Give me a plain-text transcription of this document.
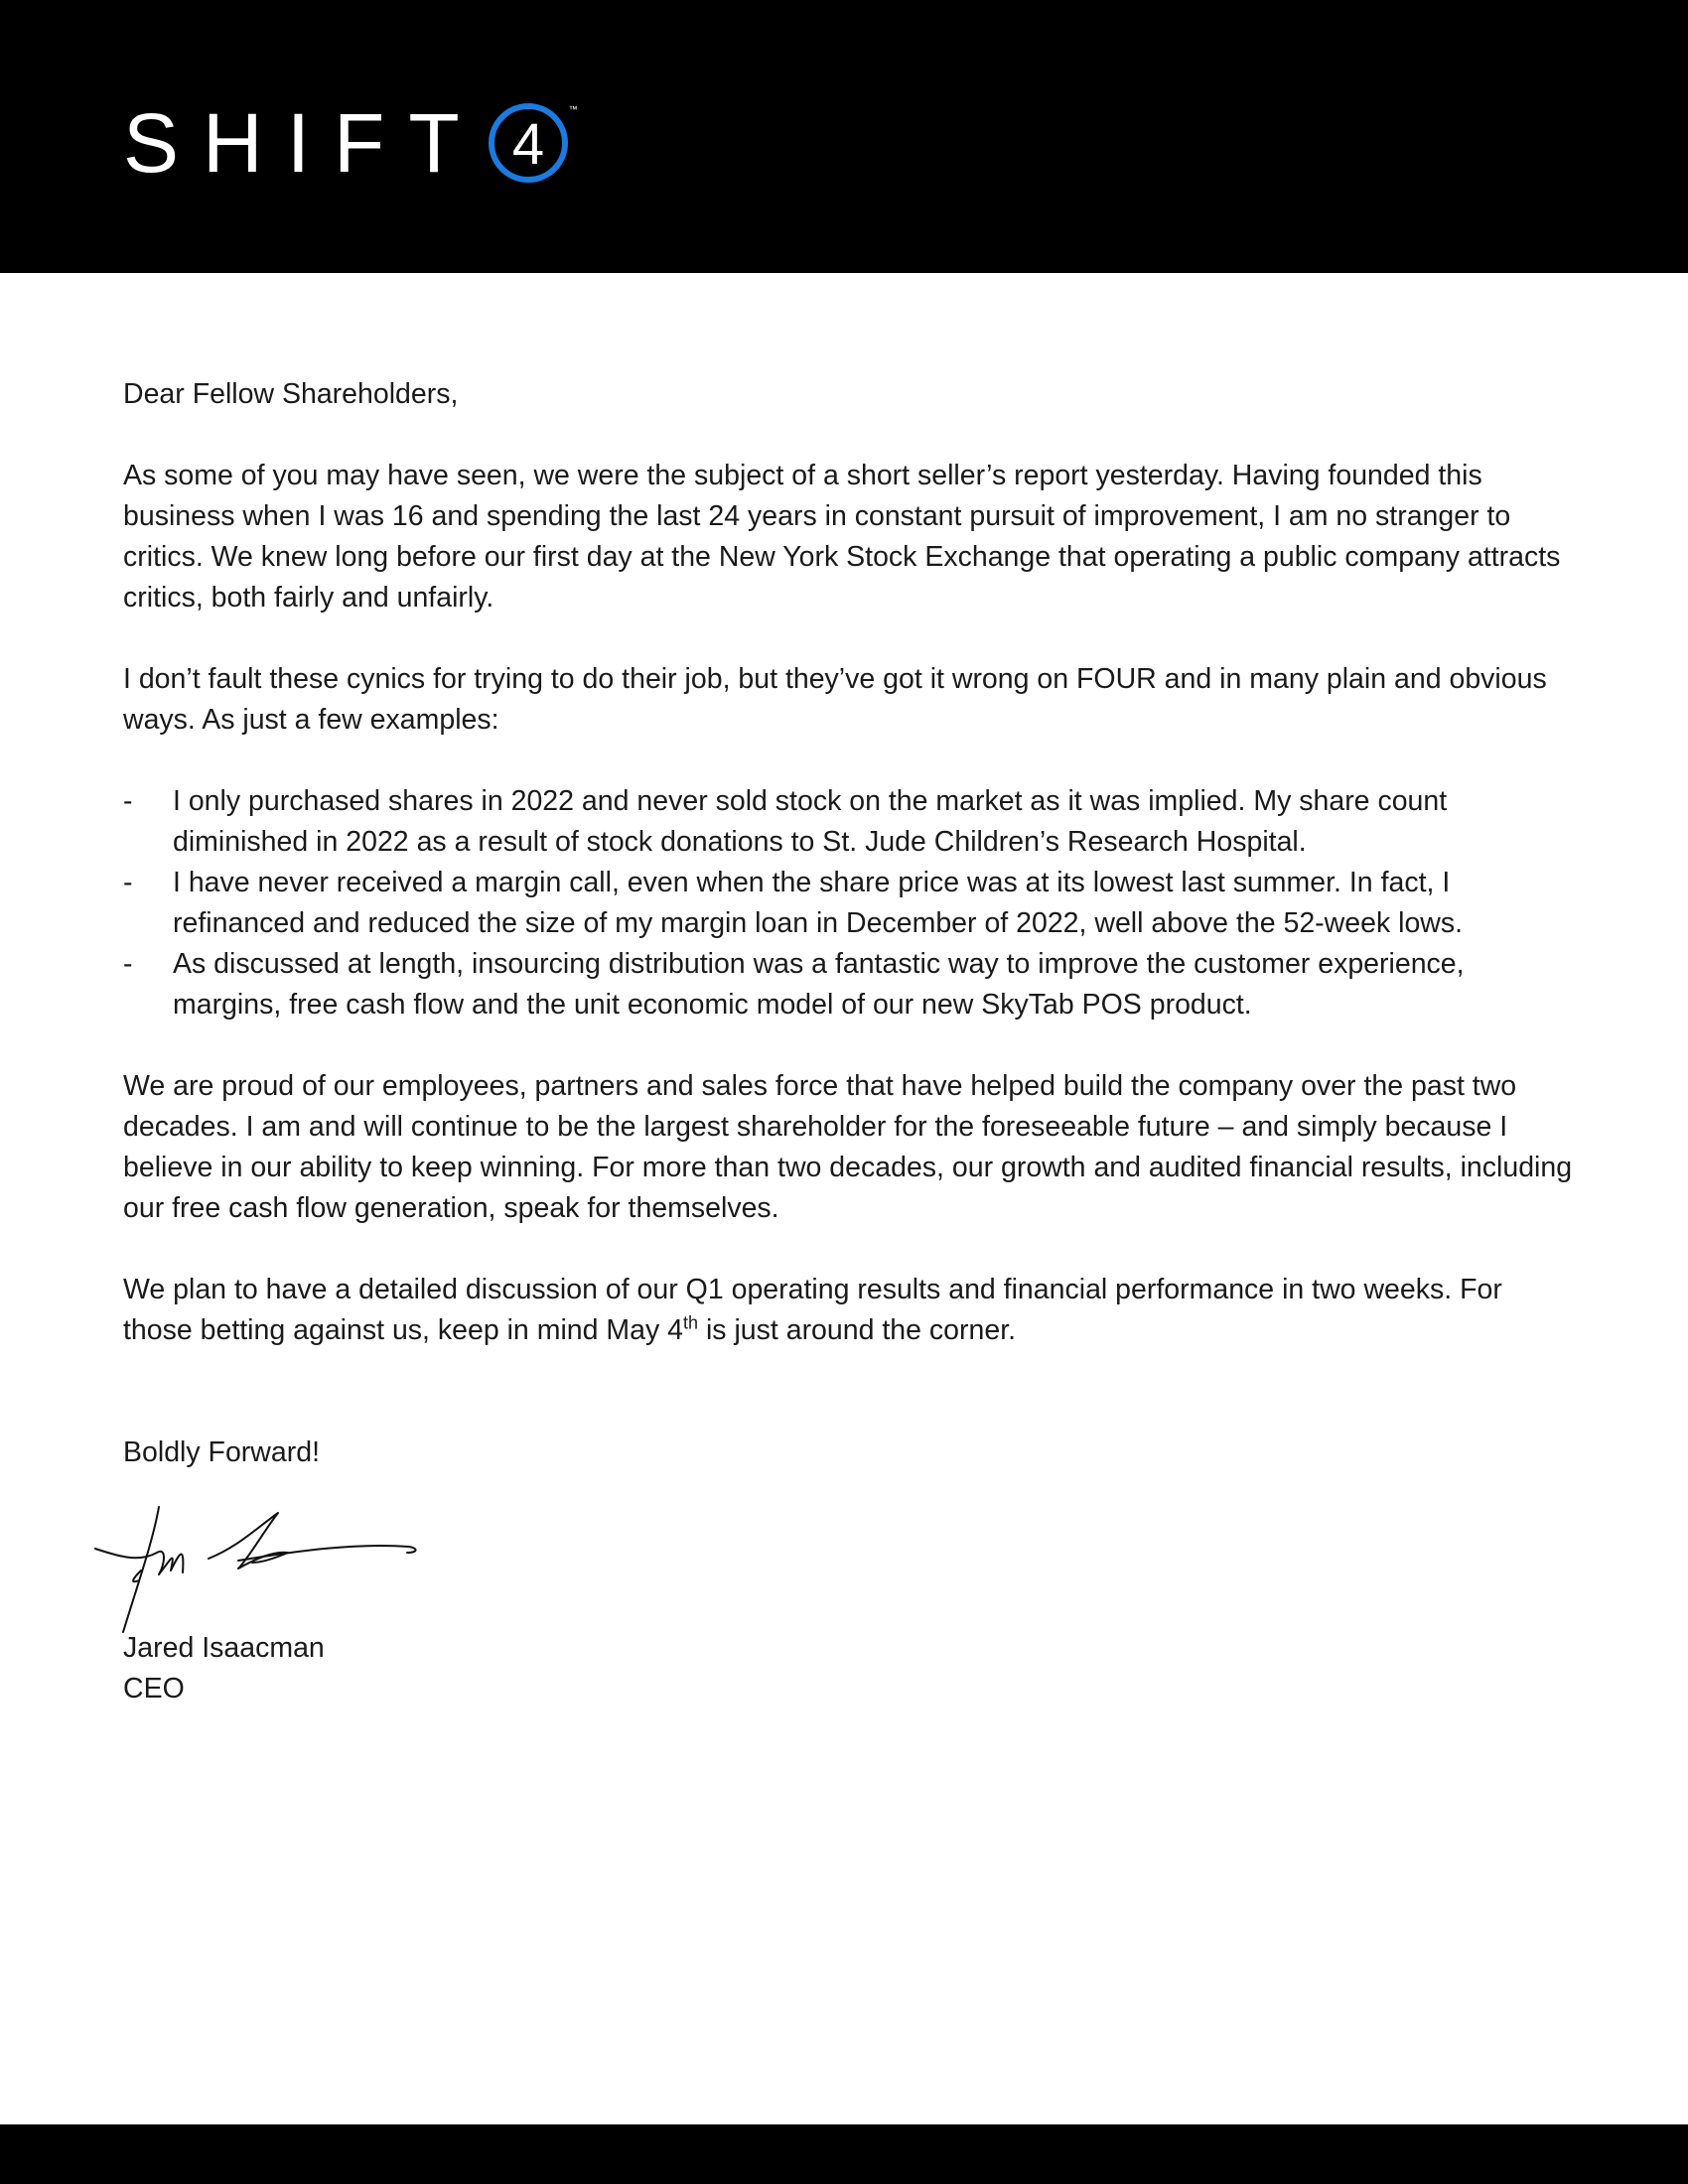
SHIFT 4
™

Dear Fellow Shareholders,

As some of you may have seen, we were the subject of a short seller’s report yesterday. Having founded this business when I was 16 and spending the last 24 years in constant pursuit of improvement, I am no stranger to critics. We knew long before our first day at the New York Stock Exchange that operating a public company attracts critics, both fairly and unfairly.

I don’t fault these cynics for trying to do their job, but they’ve got it wrong on FOUR and in many plain and obvious ways. As just a few examples:

- I only purchased shares in 2022 and never sold stock on the market as it was implied. My share count diminished in 2022 as a result of stock donations to St. Jude Children’s Research Hospital.
- I have never received a margin call, even when the share price was at its lowest last summer. In fact, I refinanced and reduced the size of my margin loan in December of 2022, well above the 52-week lows.
- As discussed at length, insourcing distribution was a fantastic way to improve the customer experience, margins, free cash flow and the unit economic model of our new SkyTab POS product.

We are proud of our employees, partners and sales force that have helped build the company over the past two decades. I am and will continue to be the largest shareholder for the foreseeable future – and simply because I believe in our ability to keep winning. For more than two decades, our growth and audited financial results, including our free cash flow generation, speak for themselves.

We plan to have a detailed discussion of our Q1 operating results and financial performance in two weeks. For those betting against us, keep in mind May 4th is just around the corner.

Boldly Forward!

Jared Isaacman
CEO
